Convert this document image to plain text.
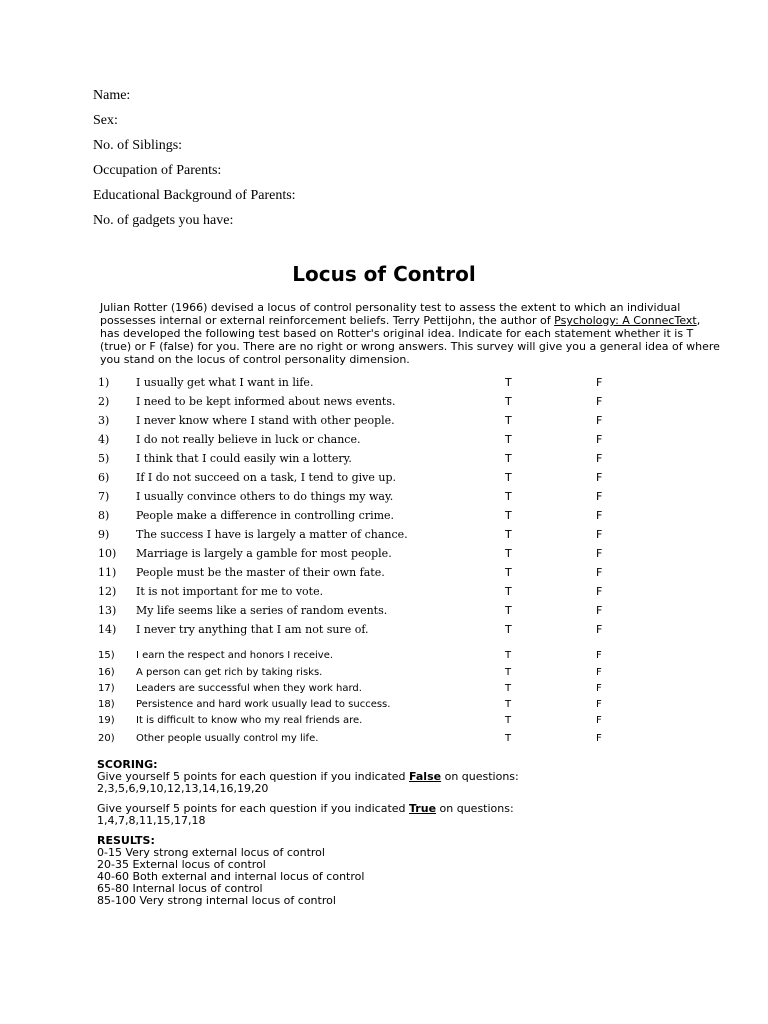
Name:
Sex:
No. of Siblings:
Occupation of Parents:
Educational Background of Parents:
No. of gadgets you have:
Locus of Control
Julian Rotter (1966) devised a locus of control personality test to assess the extent to which an individual possesses internal or external reinforcement beliefs. Terry Pettijohn, the author of Psychology: A ConnecText, has developed the following test based on Rotter's original idea. Indicate for each statement whether it is T (true) or F (false) for you. There are no right or wrong answers. This survey will give you a general idea of where you stand on the locus of control personality dimension.
1) I usually get what I want in life.	T	F
2) I need to be kept informed about news events.	T	F
3) I never know where I stand with other people.	T	F
4) I do not really believe in luck or chance.	T	F
5) I think that I could easily win a lottery.	T	F
6) If I do not succeed on a task, I tend to give up.	T	F
7) I usually convince others to do things my way.	T	F
8) People make a difference in controlling crime.	T	F
9) The success I have is largely a matter of chance.	T	F
10) Marriage is largely a gamble for most people.	T	F
11) People must be the master of their own fate.	T	F
12) It is not important for me to vote.	T	F
13) My life seems like a series of random events.	T	F
14) I never try anything that I am not sure of.	T	F
15) I earn the respect and honors I receive.	T	F
16) A person can get rich by taking risks.	T	F
17) Leaders are successful when they work hard.	T	F
18) Persistence and hard work usually lead to success.	T	F
19) It is difficult to know who my real friends are.	T	F
20) Other people usually control my life.	T	F
SCORING:
Give yourself 5 points for each question if you indicated False on questions:
2,3,5,6,9,10,12,13,14,16,19,20
Give yourself 5 points for each question if you indicated True on questions:
1,4,7,8,11,15,17,18
RESULTS:
0-15 Very strong external locus of control
20-35 External locus of control
40-60 Both external and internal locus of control
65-80 Internal locus of control
85-100 Very strong internal locus of control
